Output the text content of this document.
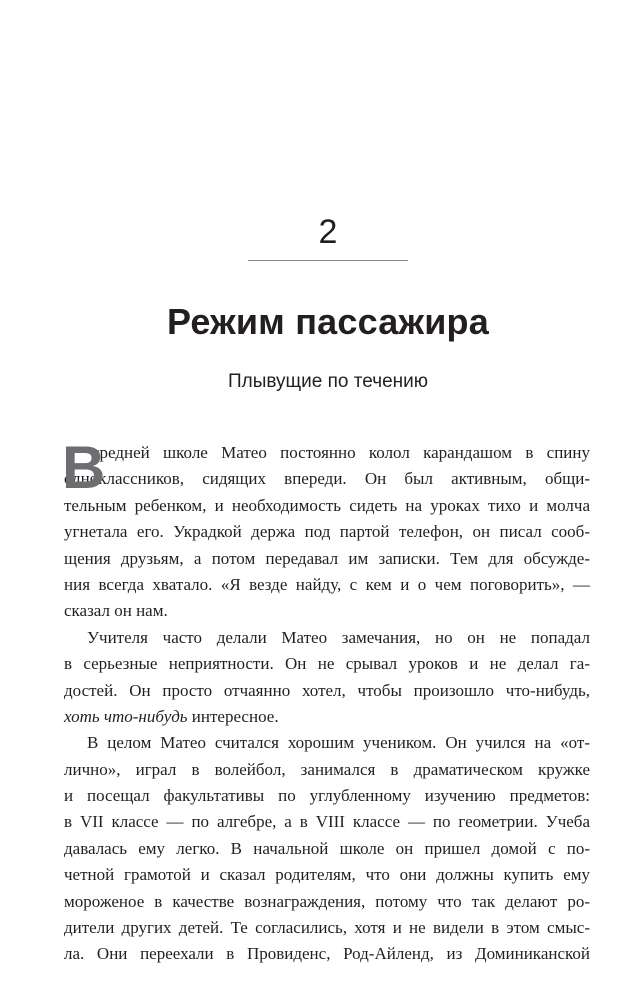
2
Режим пассажира
Плывущие по течению
В
средней школе Матео постоянно колол карандашом в спину
одноклассников, сидящих впереди. Он был активным, общи-
тельным ребенком, и необходимость сидеть на уроках тихо и молча
угнетала его. Украдкой держа под партой телефон, он писал сооб-
щения друзьям, а потом передавал им записки. Тем для обсужде-
ния всегда хватало. «Я везде найду, с кем и о чем поговорить», —
сказал он нам.
Учителя часто делали Матео замечания, но он не попадал
в серьезные неприятности. Он не срывал уроков и не делал га-
достей. Он просто отчаянно хотел, чтобы произошло что-нибудь,
хоть что-нибудь интересное.
В целом Матео считался хорошим учеником. Он учился на «от-
лично», играл в волейбол, занимался в драматическом кружке
и посещал факультативы по углубленному изучению предметов:
в VII классе — по алгебре, а в VIII классе — по геометрии. Учеба
давалась ему легко. В начальной школе он пришел домой с по-
четной грамотой и сказал родителям, что они должны купить ему
мороженое в качестве вознаграждения, потому что так делают ро-
дители других детей. Те согласились, хотя и не видели в этом смыс-
ла. Они переехали в Провиденс, Род-Айленд, из Доминиканской
